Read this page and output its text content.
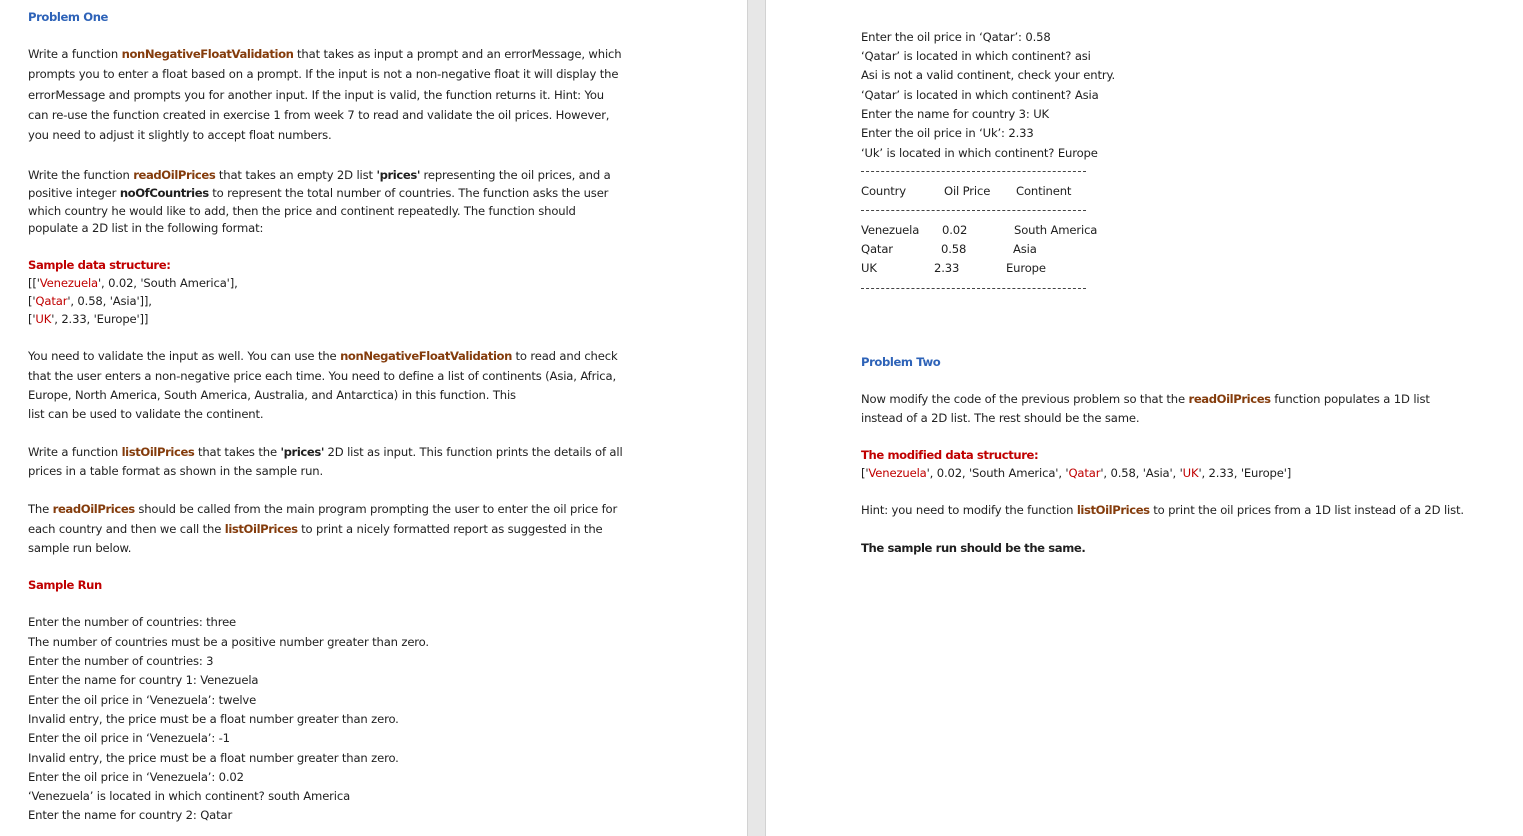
Problem One
Write a function nonNegativeFloatValidation that takes as input a prompt and an errorMessage, which
prompts you to enter a float based on a prompt. If the input is not a non-negative float it will display the
errorMessage and prompts you for another input. If the input is valid, the function returns it. Hint: You
can re-use the function created in exercise 1 from week 7 to read and validate the oil prices. However,
you need to adjust it slightly to accept float numbers.
Write the function readOilPrices that takes an empty 2D list 'prices' representing the oil prices, and a
positive integer noOfCountries to represent the total number of countries. The function asks the user
which country he would like to add, then the price and continent repeatedly. The function should
populate a 2D list in the following format:
Sample data structure:
[['Venezuela', 0.02, 'South America'],
['Qatar', 0.58, 'Asia']],
['UK', 2.33, 'Europe']]
You need to validate the input as well. You can use the nonNegativeFloatValidation to read and check
that the user enters a non-negative price each time. You need to define a list of continents (Asia, Africa,
Europe, North America, South America, Australia, and Antarctica) in this function. This
list can be used to validate the continent.
Write a function listOilPrices that takes the 'prices' 2D list as input. This function prints the details of all
prices in a table format as shown in the sample run.
The readOilPrices should be called from the main program prompting the user to enter the oil price for
each country and then we call the listOilPrices to print a nicely formatted report as suggested in the
sample run below.
Sample Run
Enter the number of countries: three
The number of countries must be a positive number greater than zero.
Enter the number of countries: 3
Enter the name for country 1: Venezuela
Enter the oil price in ‘Venezuela’: twelve
Invalid entry, the price must be a float number greater than zero.
Enter the oil price in ‘Venezuela’: -1
Invalid entry, the price must be a float number greater than zero.
Enter the oil price in ‘Venezuela’: 0.02
‘Venezuela’ is located in which continent? south America
Enter the name for country 2: Qatar
Enter the oil price in ‘Qatar’: 0.58
‘Qatar’ is located in which continent? asi
Asi is not a valid continent, check your entry.
‘Qatar’ is located in which continent? Asia
Enter the name for country 3: UK
Enter the oil price in ‘Uk’: 2.33
‘Uk’ is located in which continent? Europe
Country	Oil Price Continent
Venezuela 0.02	South America
Qatar	0.58	Asia
UK	2.33	Europe
Problem Two
Now modify the code of the previous problem so that the readOilPrices function populates a 1D list
instead of a 2D list. The rest should be the same.
The modified data structure:
['Venezuela', 0.02, 'South America', 'Qatar', 0.58, 'Asia', 'UK', 2.33, 'Europe']
Hint: you need to modify the function listOilPrices to print the oil prices from a 1D list instead of a 2D list.
The sample run should be the same.
